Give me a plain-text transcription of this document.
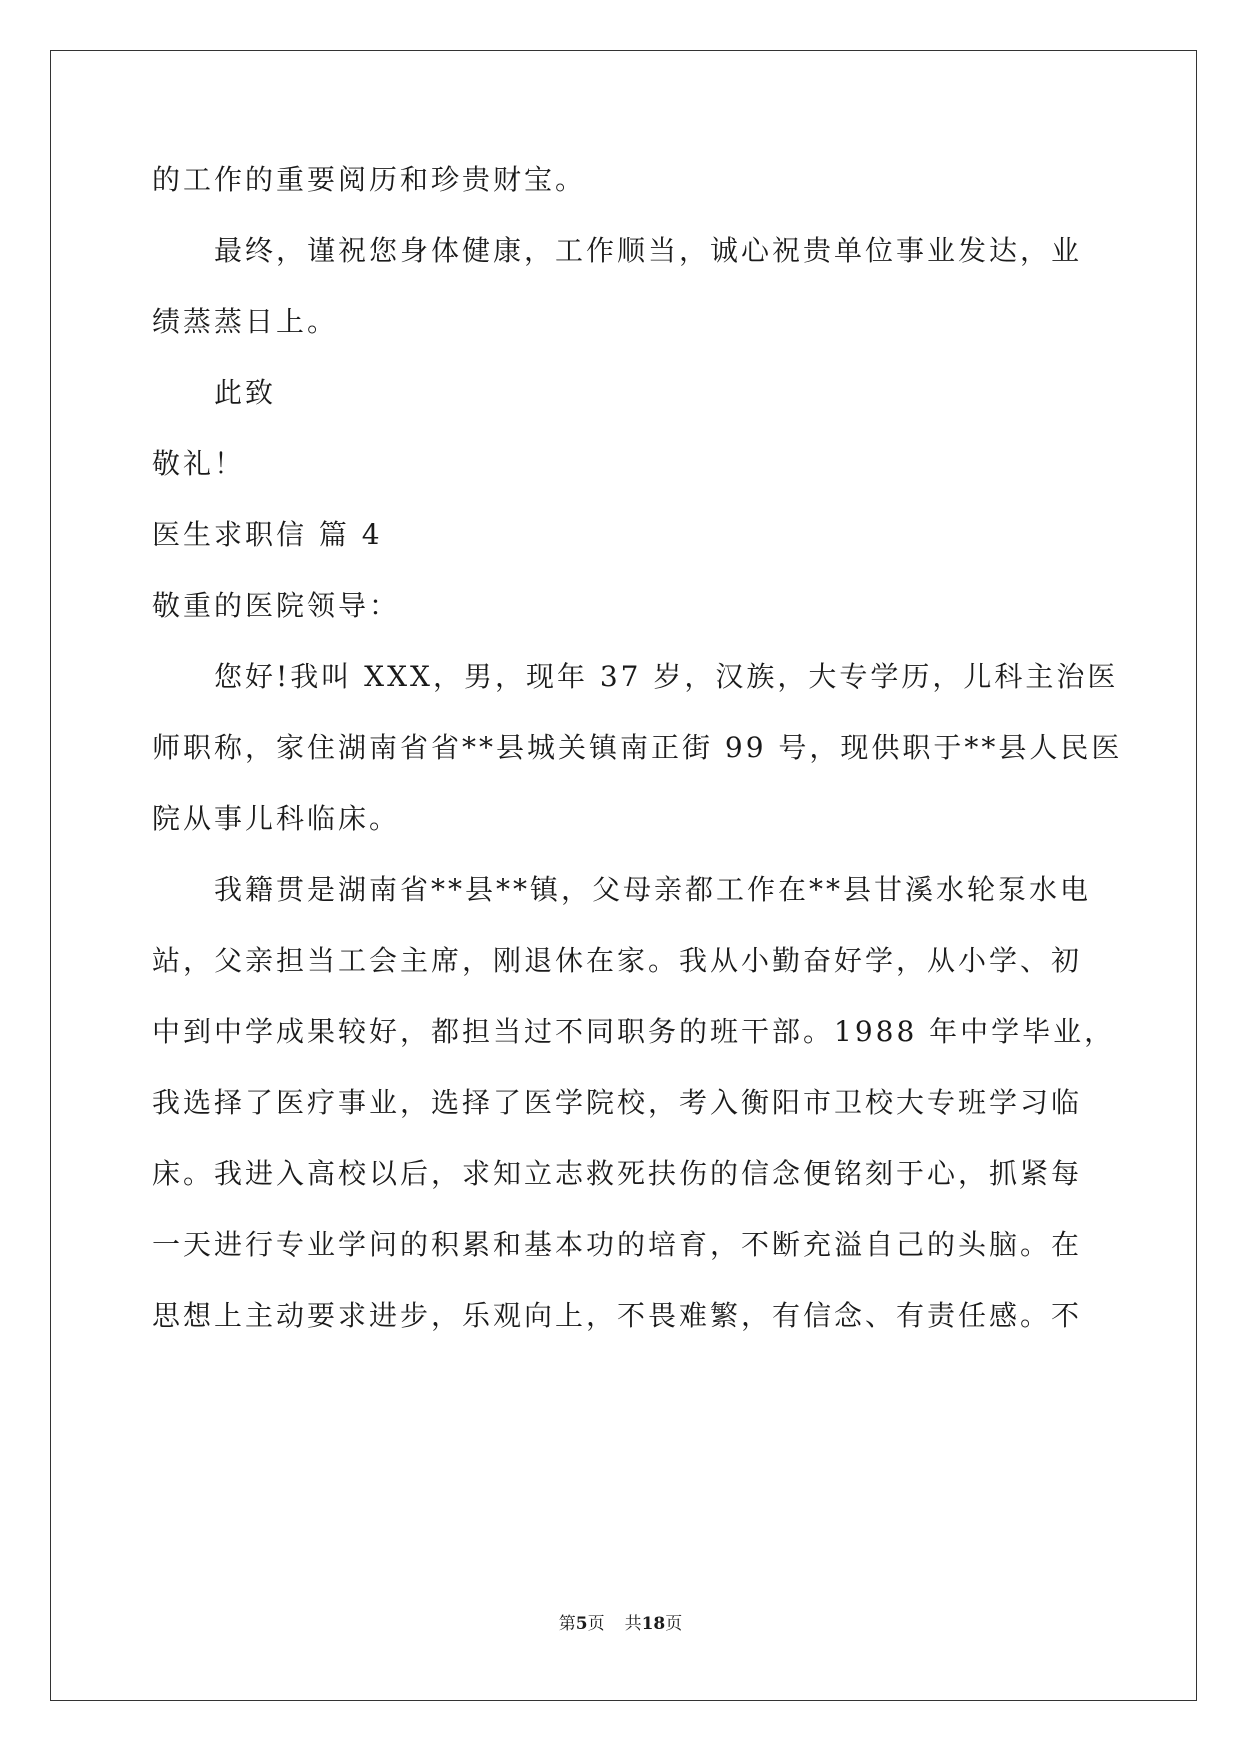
的工作的重要阅历和珍贵财宝。
最终，谨祝您身体健康，工作顺当，诚心祝贵单位事业发达，业
绩蒸蒸日上。
此致
敬礼！
医生求职信 篇 4
敬重的医院领导：
您好!我叫 XXX，男，现年 37 岁，汉族，大专学历，儿科主治医
师职称，家住湖南省省**县城关镇南正街 99 号，现供职于**县人民医
院从事儿科临床。
我籍贯是湖南省**县**镇，父母亲都工作在**县甘溪水轮泵水电
站，父亲担当工会主席，刚退休在家。我从小勤奋好学，从小学、初
中到中学成果较好，都担当过不同职务的班干部。1988 年中学毕业，
我选择了医疗事业，选择了医学院校，考入衡阳市卫校大专班学习临
床。我进入高校以后，求知立志救死扶伤的信念便铭刻于心，抓紧每
一天进行专业学问的积累和基本功的培育，不断充溢自己的头脑。在
思想上主动要求进步，乐观向上，不畏难繁，有信念、有责任感。不
第5页 共18页
